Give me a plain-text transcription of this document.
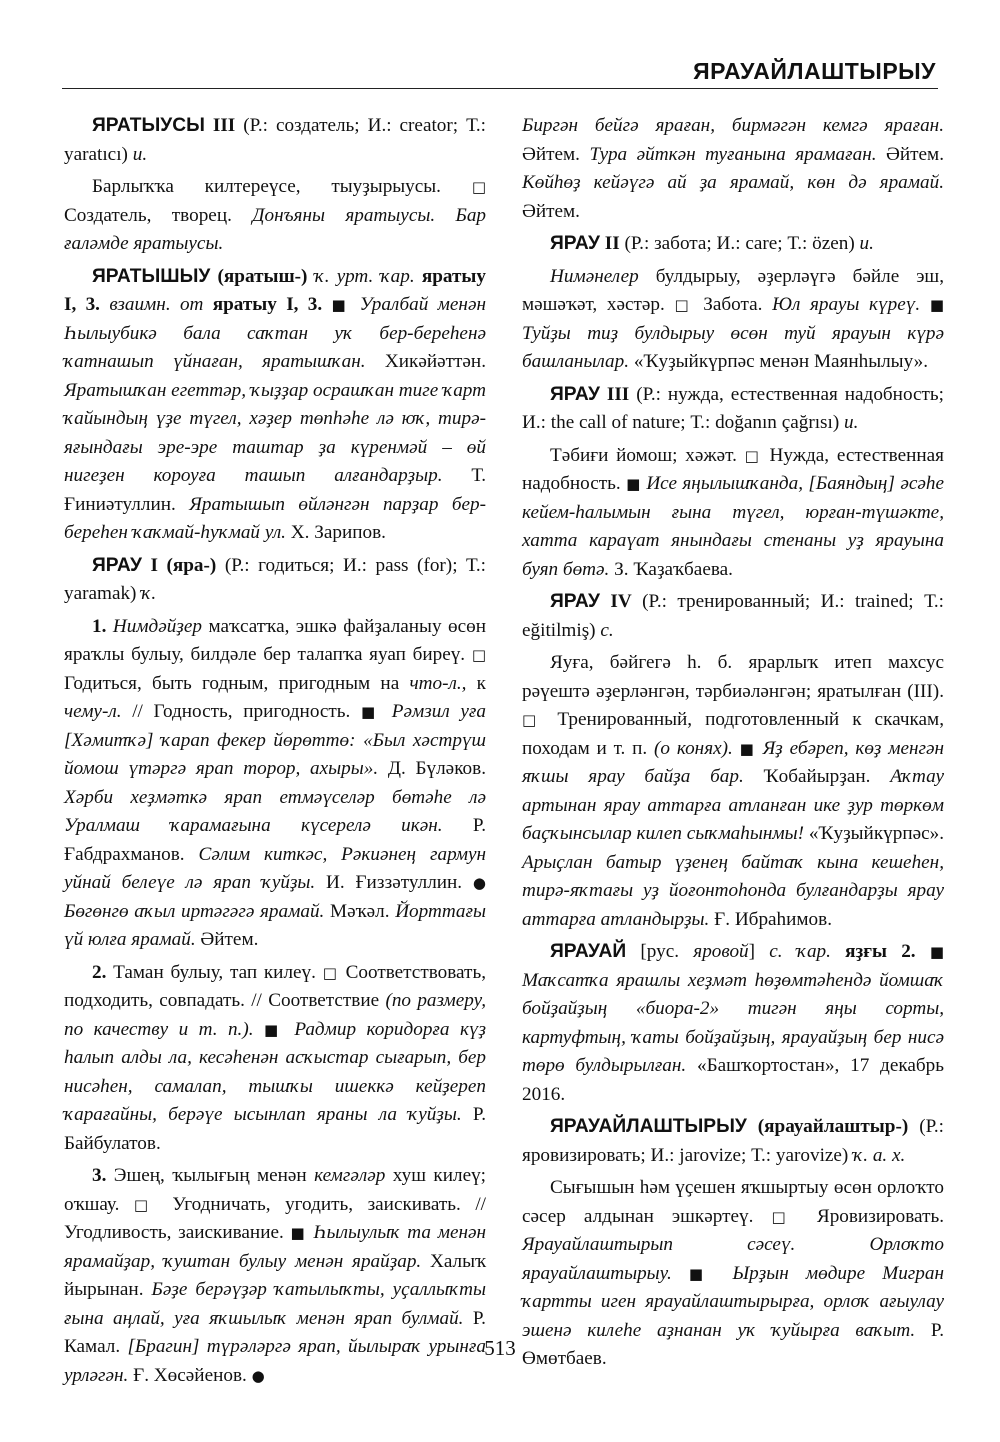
ЯРАУАЙЛАШТЫРЫУ

ЯРАТЫУСЫ III (Р.: создатель; И.: creator; Т.: yaratıcı) и.

Барлыҡҡа килтереүсе, тыуҙырыусы. □ Создатель, творец. Донъяны яратыусы. Бар ғаләмде яратыусы.

ЯРАТЫШЫУ (яратыш-) ҡ. урт. ҡар. яратыу I, 3. взаимн. от яратыу I, 3. ■ Уралбай менән Һылыубикә бала саҡтан уҡ бер-береһенә ҡатнашып үйнаған, яратышҡан. Хикәйәттән. Яратышҡан егеттәр, ҡыҙҙар осрашҡан тиге ҡарт ҡайындың үҙе түгел, хәҙер төпһәһе лә юҡ, тирә-яғындағы эре-эре таштар ҙа күренмәй – өй нигеҙен короуға ташып алғандарҙыр. Т. Ғиниәтуллин. Яратышып өйләнгән парҙар бер-береһен ҡаҡмай-һуҡмай ул. Х. Зарипов.

ЯРАУ I (яра-) (Р.: годиться; И.: pass (for); Т.: yaramak) ҡ.

1. Нимдәйҙер маҡсатҡа, эшкә файҙаланыу өсөн яраҡлы булыу, билдәле бер талапҡа яуап биреү. □ Годиться, быть годным, пригодным на что-л., к чему-л. // Годность, пригодность. ■ Рәмзил уға [Хәмитҡә] ҡарап фекер йөрөттө: «Был хәстрүш йомош үтәргә ярап торор, ахыры». Д. Бүләков. Хәрби хеҙмәткә ярап етмәүселәр бөтәһе лә Уралмаш ҡарамағына күсерелә икән. Р. Ғабдрахманов. Сәлим киткәс, Рәкиәнең гармун уйнай белеүе лә ярап ҡуйҙы. И. Ғиззәтуллин. ● Бөгөнгө аҡыл иртәгәгә ярамай. Мәҡәл. Йорттағы үй юлға ярамай. Әйтем.

2. Таман булыу, тап килеү. □ Соответствовать, подходить, совпадать. // Соответствие (по размеру, по качеству и т. п.). ■ Радмир коридорға күҙ һалып алды ла, кесәһенән асҡыстар сығарып, бер нисәһен, самалап, тышҡы ишеккә кейҙереп ҡарағайны, берәүе ысынлап яраны ла ҡуйҙы. Р. Байбулатов.

3. Эшең, ҡылығың менән кемгәләр хуш килеү; оҡшау. □ Угодничать, угодить, заискивать. // Угодливость, заискивание. ■ Һылыулыҡ та менән ярамайҙар, ҡуштан булыу менән ярайҙар. Халыҡ йырынан. Бәҙе берәүҙәр ҡатылыҡты, уҫаллыҡты ғына аңлай, уға яҡшылыҡ менән ярап булмай. Р. Камал. [Брагин] түрәләргә ярап, йылыраҡ урынға урләгән. Ғ. Хөсәйенов. ●

Биргән бейгә яраған, бирмәгән кемгә яраған. Әйтем. Тура әйткән туғанына ярамаған. Әйтем. Көйһөҙ кейәүгә ай ҙа ярамай, көн дә ярамай. Әйтем.

ЯРАУ II (Р.: забота; И.: care; Т.: özen) и.

Нимәнелер булдырыу, әҙерләүгә бәйле эш, мәшәҡәт, хәстәр. □ Забота. Юл ярауы күреү. ■ Туйҙы тиҙ булдырыу өсөн туй ярауын күрә башланылар. «Ҡуҙыйкүрпәс менән Маянһылыу».

ЯРАУ III (Р.: нужда, естественная надобность; И.: the call of nature; Т.: doğanın çağrısı) и.

Тәбиғи йомош; хәжәт. □ Нужда, естественная надобность. ■ Исе яңылышҡанда, [Баяндың] әсәһе кейем-һалымын ғына түгел, юрған-түшәкте, хатта караүат янындағы стенаны уҙ ярауына буяп бөтә. З. Ҡаҙаҡбаева.

ЯРАУ IV (Р.: тренированный; И.: trained; Т.: eğitilmiş) с.

Яуға, бәйгегә һ. б. ярарлыҡ итеп махсус рәүештә әҙерләнгән, тәрбиәләнгән; яратылған (III). □ Тренированный, подготовленный к скачкам, походам и т. п. (о конях). ■ Яҙ ебәреп, көҙ менгән яҡшы ярау байҙа бар. Ҡобайырҙан. Аҡтау артынан ярау аттарға атланған ике ҙур төркөм баҫҡынсылар килеп сыҡмаһынмы! «Ҡуҙыйкүрпәс». Арыҫлан батыр үҙенең байтаҡ кына кешеһен, тирә-яҡтағы уҙ йоғонтоһонда булғандарҙы ярау аттарға атландырҙы. Ғ. Ибраһимов.

ЯРАУАЙ [рус. яровой] с. ҡар. яҙғы 2. ■ Маҡсатҡа ярашлы хеҙмәт һөҙөмтәһендә йомшаҡ бойҙайҙың «биора-2» тигән яңы сорты, картуфтың, ҡаты бойҙайҙың, ярауайҙың бер нисә төрө булдырылған. «Башҡортостан», 17 декабрь 2016.

ЯРАУАЙЛАШТЫРЫУ (ярауайлаштыр-) (Р.: яровизировать; И.: jarovize; Т.: yarovize) ҡ. а. х.

Сығышын һәм үҫешен яҡшыртыу өсөн орлоҡто сәсер алдынан эшкәртеү. □ Яровизировать. Ярауайлаштырып сәсеү. Орлоҡто ярауайлаштырыу. ■ Ырҙын мөдире Мигран ҡартты иген ярауайлаштырырға, орлоҡ ағыулау эшенә килеһе аҙнанан уҡ ҡуйырға ваҡыт. Р. Өмөтбаев.

513
